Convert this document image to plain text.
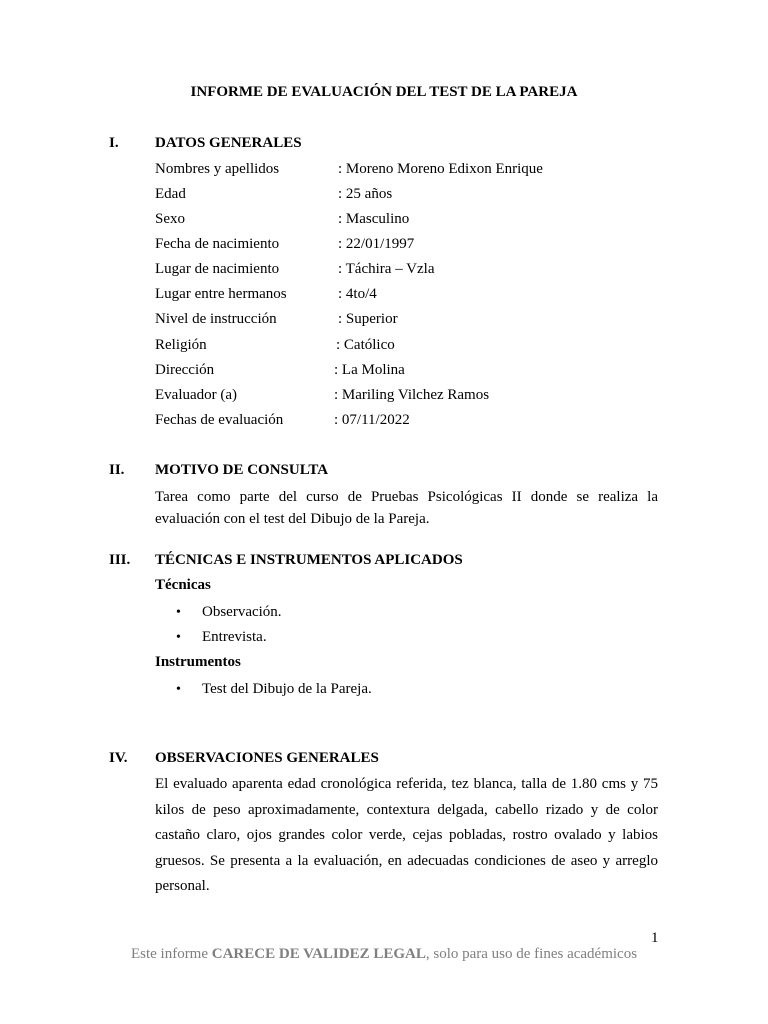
INFORME DE EVALUACIÓN DEL TEST DE LA PAREJA
I. DATOS GENERALES
Nombres y apellidos	: Moreno Moreno Edixon Enrique
Edad	: 25 años
Sexo	: Masculino
Fecha de nacimiento	: 22/01/1997
Lugar de nacimiento	: Táchira – Vzla
Lugar entre hermanos	: 4to/4
Nivel de instrucción	: Superior
Religión	: Católico
Dirección	: La Molina
Evaluador (a)	: Mariling Vilchez Ramos
Fechas de evaluación	: 07/11/2022
II. MOTIVO DE CONSULTA
Tarea como parte del curso de Pruebas Psicológicas II donde se realiza la
evaluación con el test del Dibujo de la Pareja.
III. TÉCNICAS E INSTRUMENTOS APLICADOS
Técnicas
• Observación.
• Entrevista.
Instrumentos
• Test del Dibujo de la Pareja.
IV. OBSERVACIONES GENERALES
El evaluado aparenta edad cronológica referida, tez blanca, talla de 1.80 cms y 75
kilos de peso aproximadamente, contextura delgada, cabello rizado y de color
castaño claro, ojos grandes color verde, cejas pobladas, rostro ovalado y labios
gruesos. Se presenta a la evaluación, en adecuadas condiciones de aseo y arreglo
personal.
1
Este informe CARECE DE VALIDEZ LEGAL, solo para uso de fines académicos
